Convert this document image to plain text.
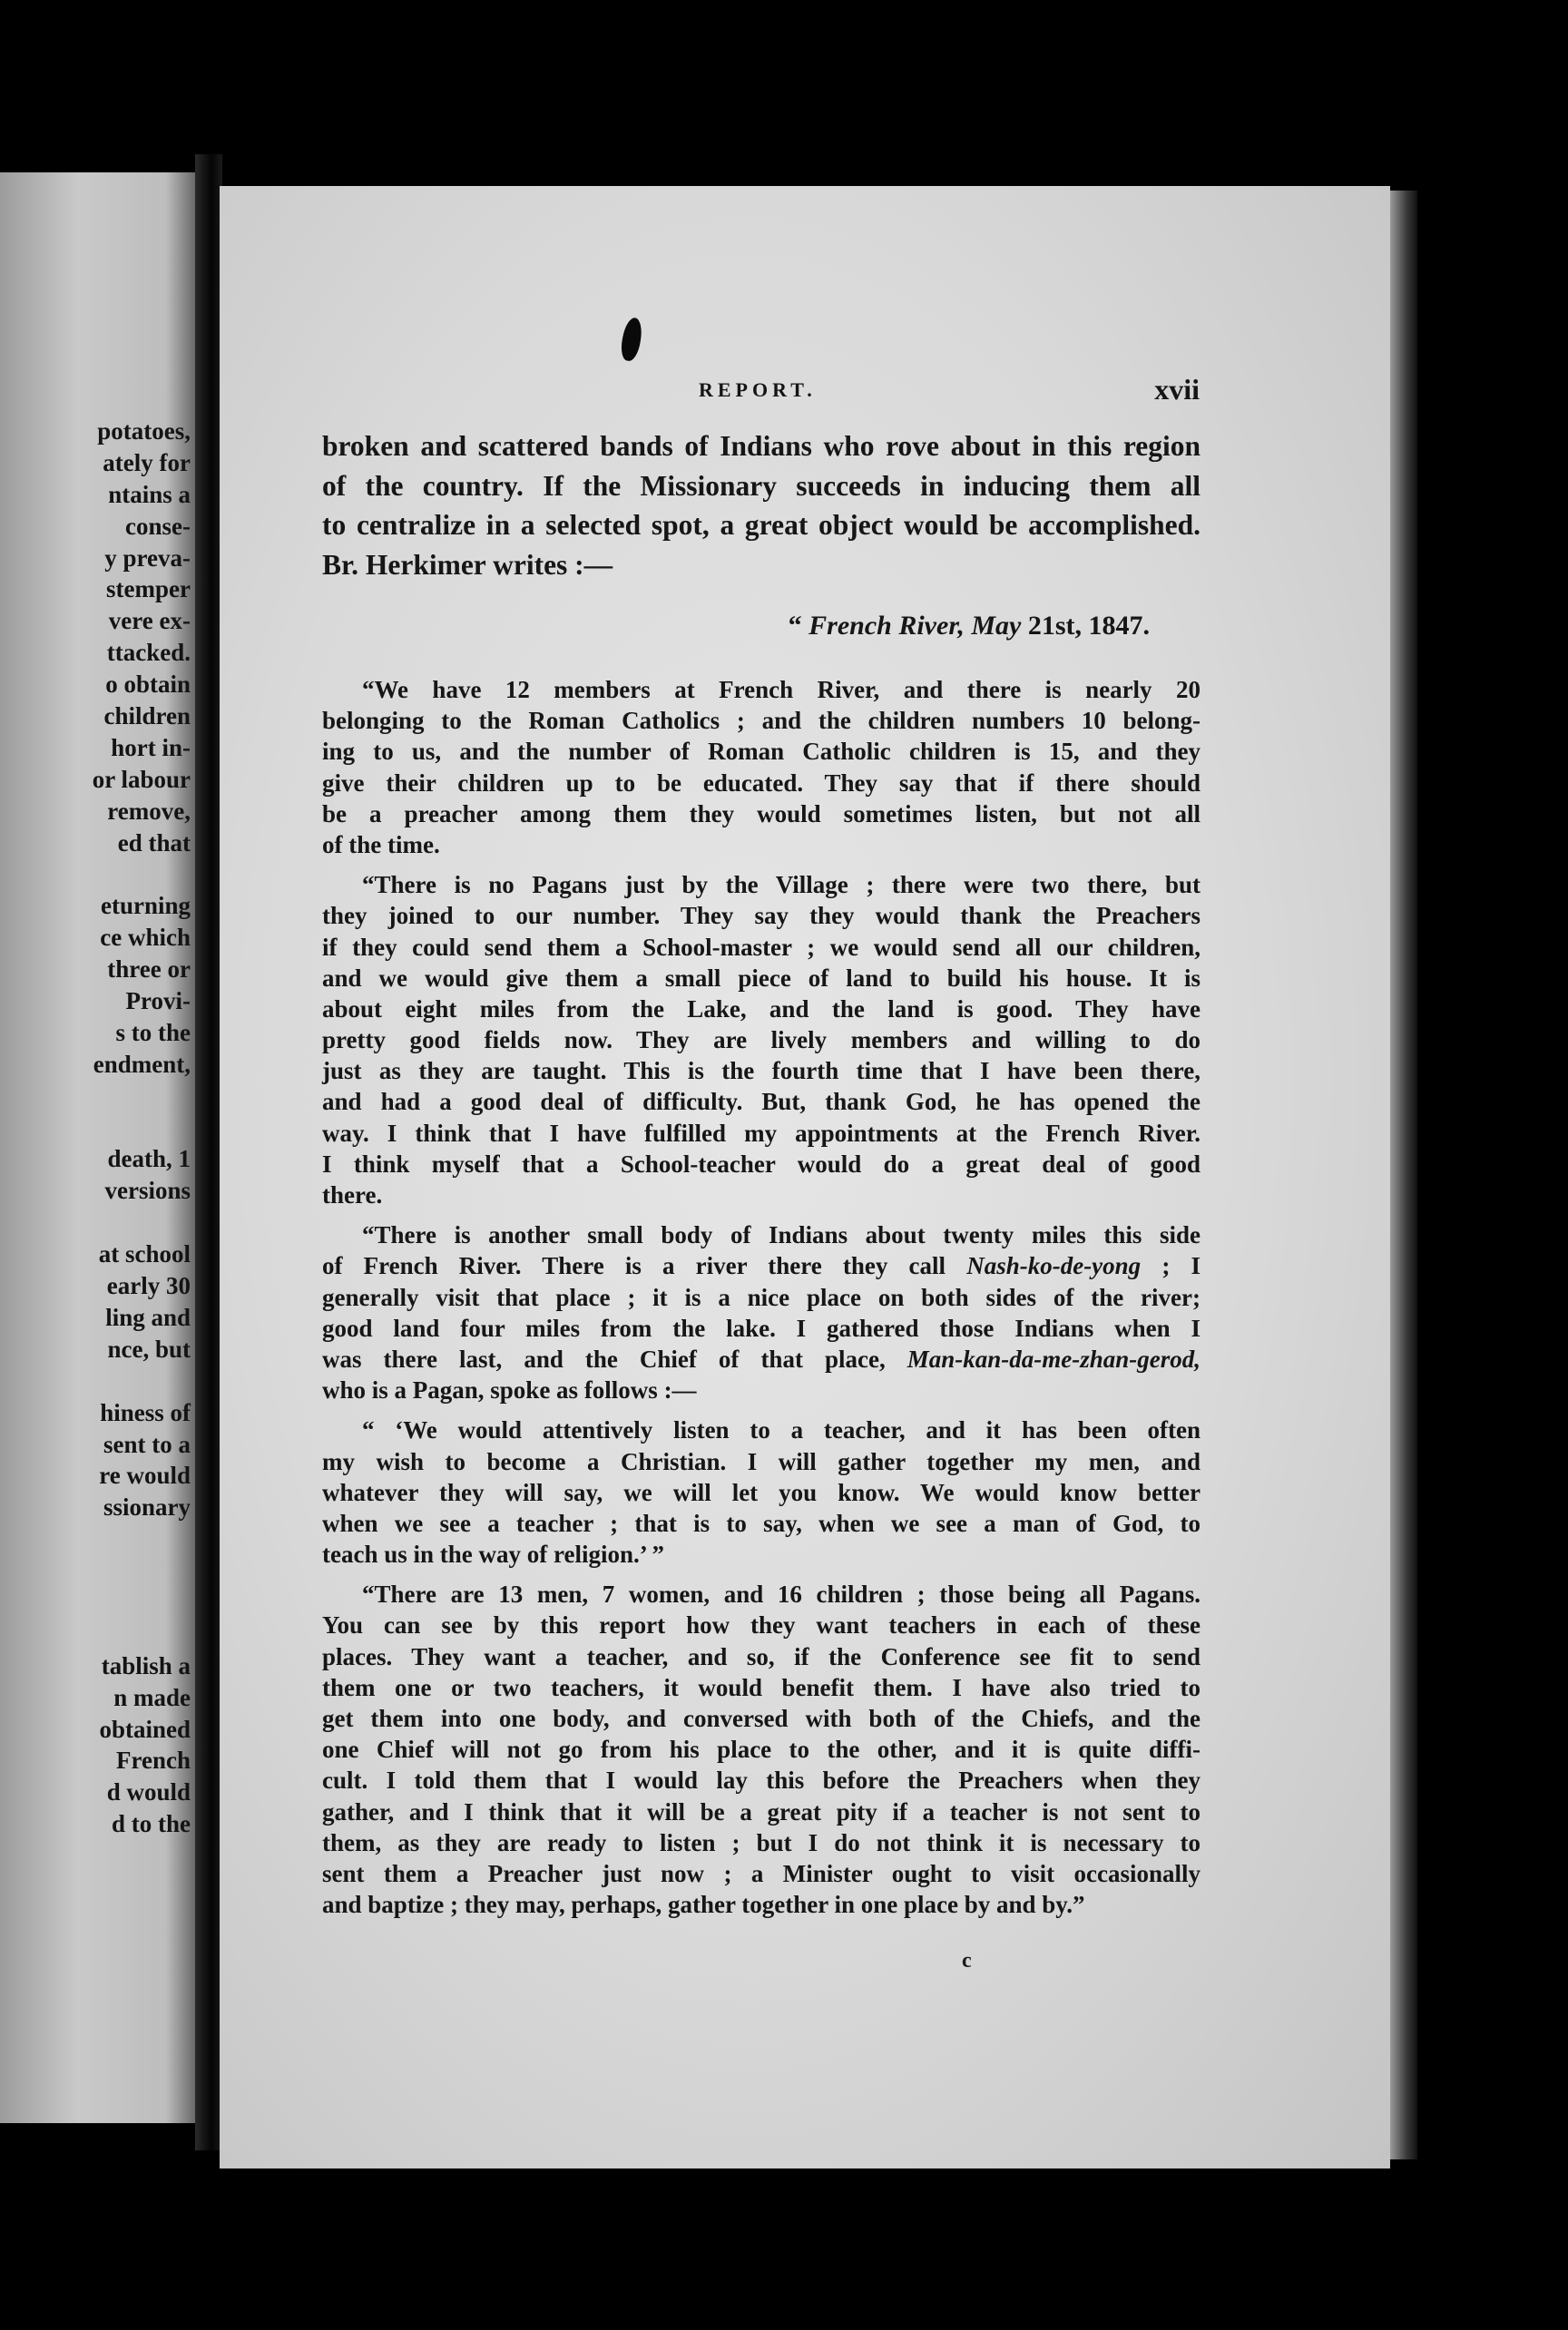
potatoes,
ately for
ntains a
conse-
y preva-
stemper
vere ex-
ttacked.
o obtain
children
hort in-
or labour
remove,
ed that
eturning
ce which
three or
Provi-
s to the
endment,
death, 1
versions
at school
early 30
ling and
nce, but
hiness of
sent to a
re would
ssionary
tablish a
n made
obtained
French
d would
d to the
REPORT.	xvii
broken and scattered bands of Indians who rove about in this region
of the country. If the Missionary succeeds in inducing them all
to centralize in a selected spot, a great object would be accomplished.
Br. Herkimer writes :—
“ French River, May 21st, 1847.
“We have 12 members at French River, and there is nearly 20
belonging to the Roman Catholics ; and the children numbers 10 belong-
ing to us, and the number of Roman Catholic children is 15, and they
give their children up to be educated. They say that if there should
be a preacher among them they would sometimes listen, but not all
of the time.
“There is no Pagans just by the Village ; there were two there, but
they joined to our number. They say they would thank the Preachers
if they could send them a School-master ; we would send all our children,
and we would give them a small piece of land to build his house. It is
about eight miles from the Lake, and the land is good. They have
pretty good fields now. They are lively members and willing to do
just as they are taught. This is the fourth time that I have been there,
and had a good deal of difficulty. But, thank God, he has opened the
way. I think that I have fulfilled my appointments at the French River.
I think myself that a School-teacher would do a great deal of good
there.
“There is another small body of Indians about twenty miles this side
of French River. There is a river there they call Nash-ko-de-yong ; I
generally visit that place ; it is a nice place on both sides of the river;
good land four miles from the lake. I gathered those Indians when I
was there last, and the Chief of that place, Man-kan-da-me-zhan-gerod,
who is a Pagan, spoke as follows :—
“ ‘We would attentively listen to a teacher, and it has been often
my wish to become a Christian. I will gather together my men, and
whatever they will say, we will let you know. We would know better
when we see a teacher ; that is to say, when we see a man of God, to
teach us in the way of religion.’ ”
“There are 13 men, 7 women, and 16 children ; those being all Pagans.
You can see by this report how they want teachers in each of these
places. They want a teacher, and so, if the Conference see fit to send
them one or two teachers, it would benefit them. I have also tried to
get them into one body, and conversed with both of the Chiefs, and the
one Chief will not go from his place to the other, and it is quite diffi-
cult. I told them that I would lay this before the Preachers when they
gather, and I think that it will be a great pity if a teacher is not sent to
them, as they are ready to listen ; but I do not think it is necessary to
sent them a Preacher just now ; a Minister ought to visit occasionally
and baptize ; they may, perhaps, gather together in one place by and by.”
c
